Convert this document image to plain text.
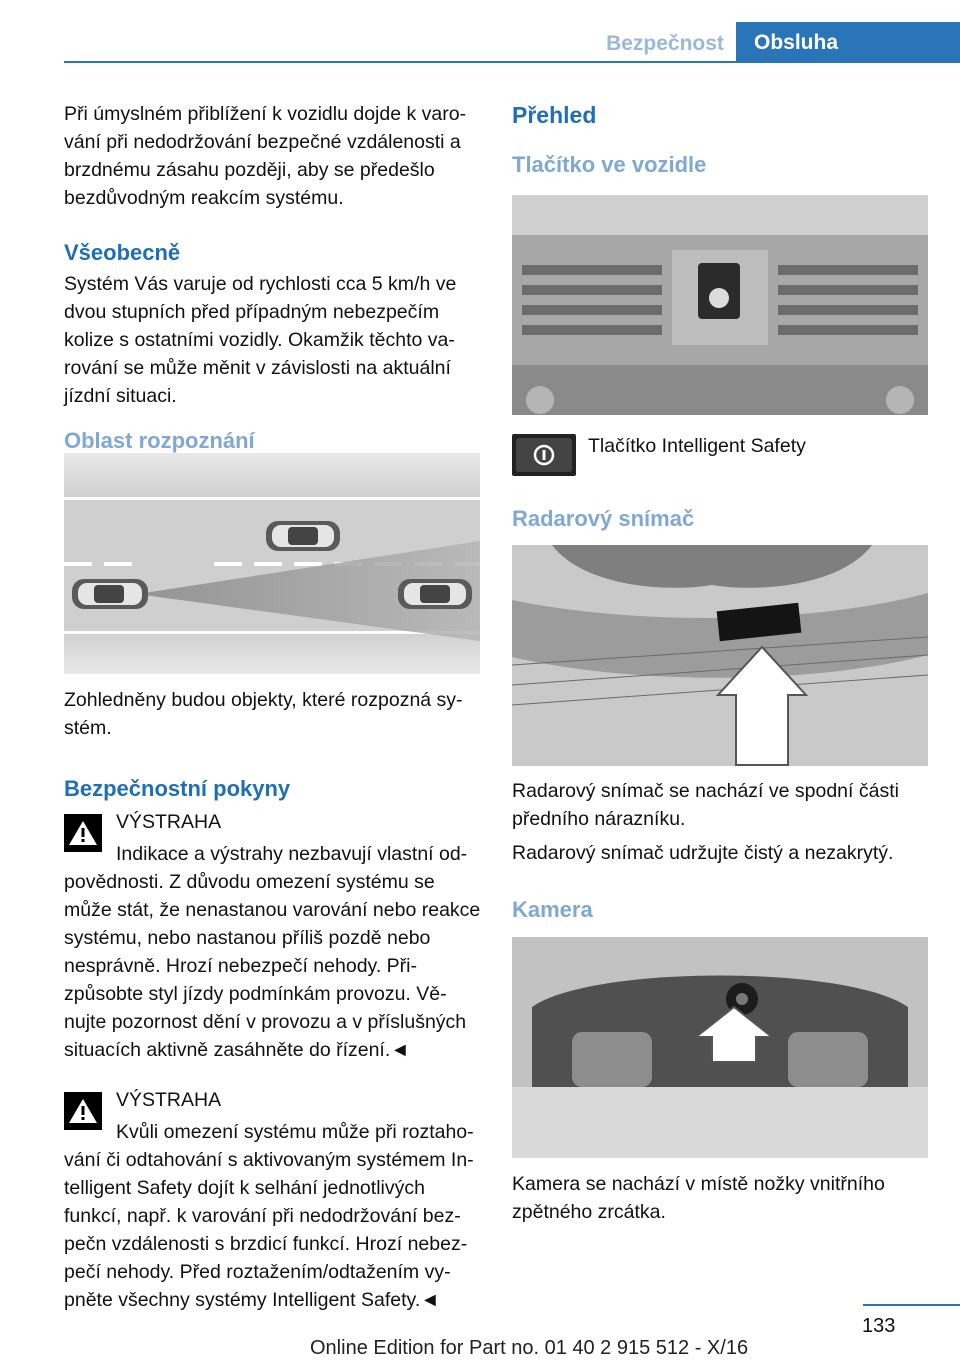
Bezpečnost	Obsluha

Při úmyslném přiblížení k vozidlu dojde k varo‐vání při nedodržování bezpečné vzdálenosti a brzdnému zásahu později, aby se předešlo bezdůvodným reakcím systému.

Všeobecně

Systém Vás varuje od rychlosti cca 5 km/h ve dvou stupních před případným nebezpečím kolize s ostatními vozidly. Okamžik těchto va‐rování se může měnit v závislosti na aktuální jízdní situaci.

Oblast rozpoznání

Zohledněny budou objekty, které rozpozná sy‐stém.

Bezpečnostní pokyny

VÝSTRAHA
Indikace a výstrahy nezbavují vlastní od‐

povědnosti. Z důvodu omezení systému se může stát, že nenastanou varování nebo reakce systému, nebo nastanou příliš pozdě nebo nesprávně. Hrozí nebezpečí nehody. Při‐způsobte styl jízdy podmínkám provozu. Vě‐nujte pozornost dění v provozu a v příslušných situacích aktivně zasáhněte do řízení.◄

VÝSTRAHA
Kvůli omezení systému může při roztaho‐

vání či odtahování s aktivovaným systémem In‐telligent Safety dojít k selhání jednotlivých funkcí, např. k varování při nedodržování bez‐pečn vzdálenosti s brzdicí funkcí. Hrozí nebez‐pečí nehody. Před roztažením/odtažením vy‐pněte všechny systémy Intelligent Safety.◄

Přehled

Tlačítko ve vozidle

Tlačítko Intelligent Safety

Radarový snímač

Radarový snímač se nachází ve spodní části předního nárazníku.

Radarový snímač udržujte čistý a nezakrytý.

Kamera

Kamera se nachází v místě nožky vnitřního zpětného zrcátka.

133
Online Edition for Part no. 01 40 2 915 512 - X/16
